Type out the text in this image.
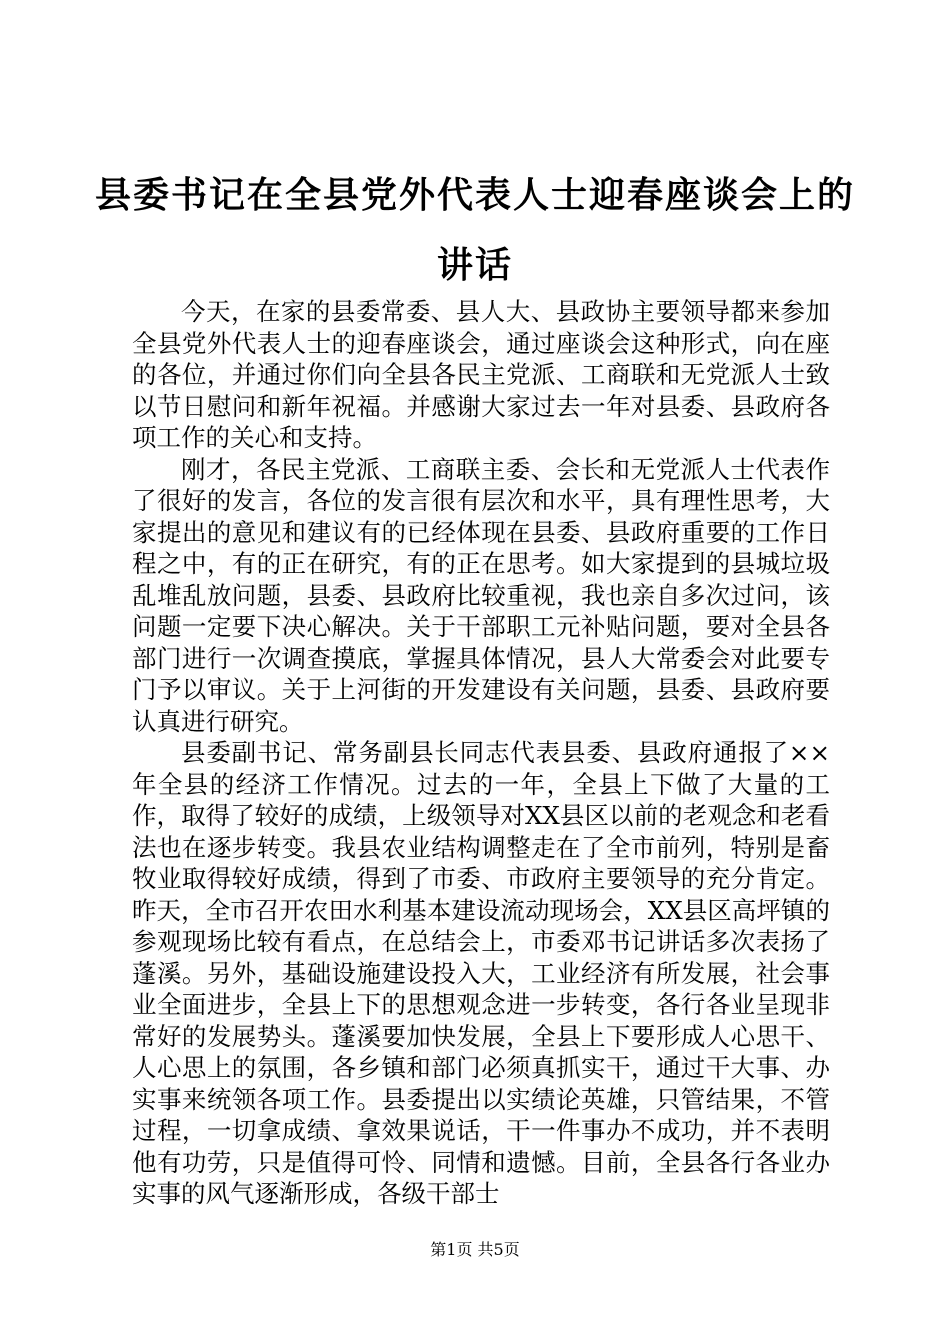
县委书记在全县党外代表人士迎春座谈会上的讲话

今天，在家的县委常委、县人大、县政协主要领导都来参加全县党外代表人士的迎春座谈会，通过座谈会这种形式，向在座的各位，并通过你们向全县各民主党派、工商联和无党派人士致以节日慰问和新年祝福。并感谢大家过去一年对县委、县政府各项工作的关心和支持。

刚才，各民主党派、工商联主委、会长和无党派人士代表作了很好的发言，各位的发言很有层次和水平，具有理性思考，大家提出的意见和建议有的已经体现在县委、县政府重要的工作日程之中，有的正在研究，有的正在思考。如大家提到的县城垃圾乱堆乱放问题，县委、县政府比较重视，我也亲自多次过问，该问题一定要下决心解决。关于干部职工元补贴问题，要对全县各部门进行一次调查摸底，掌握具体情况，县人大常委会对此要专门予以审议。关于上河街的开发建设有关问题，县委、县政府要认真进行研究。

县委副书记、常务副县长同志代表县委、县政府通报了××年全县的经济工作情况。过去的一年，全县上下做了大量的工作，取得了较好的成绩，上级领导对XX县区以前的老观念和老看法也在逐步转变。我县农业结构调整走在了全市前列，特别是畜牧业取得较好成绩，得到了市委、市政府主要领导的充分肯定。昨天，全市召开农田水利基本建设流动现场会，XX县区高坪镇的参观现场比较有看点，在总结会上，市委邓书记讲话多次表扬了蓬溪。另外，基础设施建设投入大，工业经济有所发展，社会事业全面进步，全县上下的思想观念进一步转变，各行各业呈现非常好的发展势头。蓬溪要加快发展，全县上下要形成人心思干、人心思上的氛围，各乡镇和部门必须真抓实干，通过干大事、办实事来统领各项工作。县委提出以实绩论英雄，只管结果，不管过程，一切拿成绩、拿效果说话，干一件事办不成功，并不表明他有功劳，只是值得可怜、同情和遗憾。目前，全县各行各业办实事的风气逐渐形成，各级干部士

第1页 共5页
